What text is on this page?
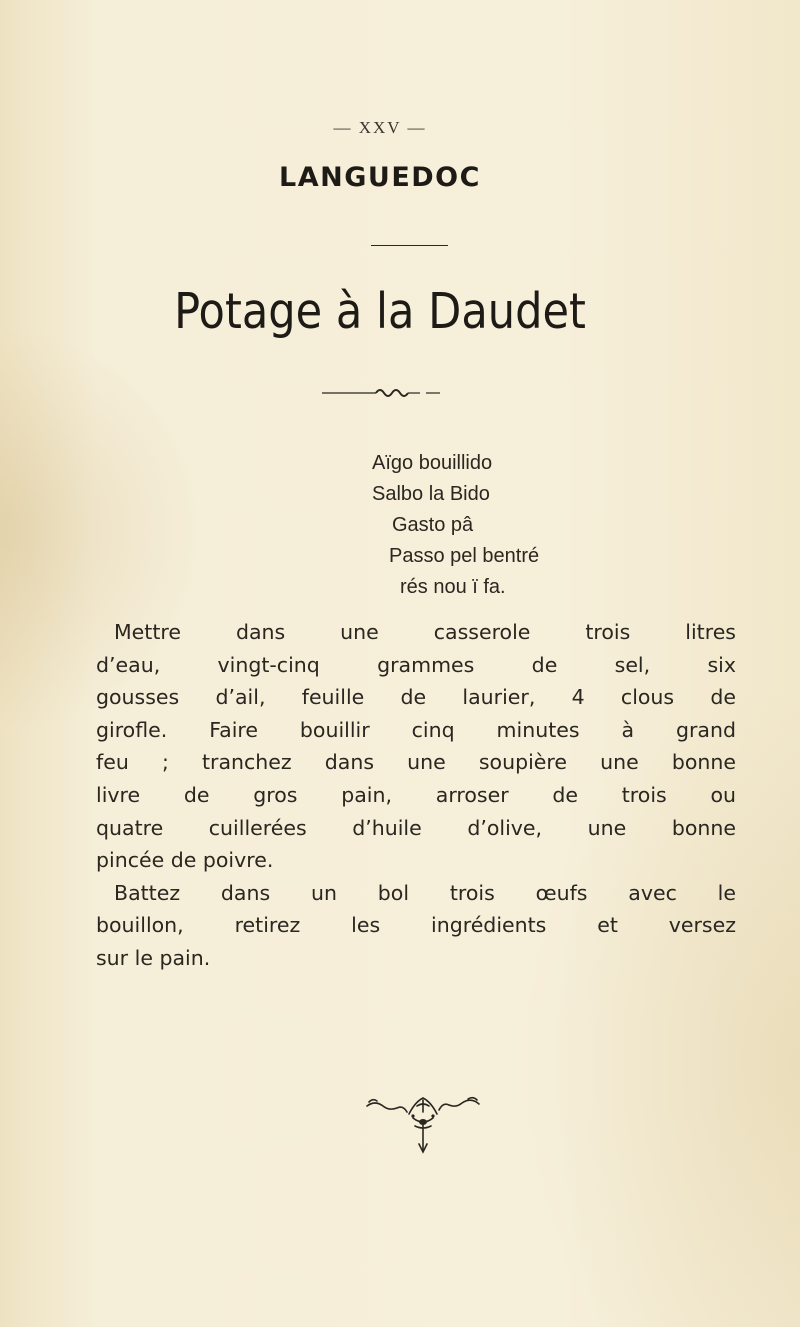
— XXV —
LANGUEDOC
Potage à la Daudet
Aïgo bouillido
Salbo la Bido
Gasto pâ
Passo pel bentré
rés nou ï fa.
Mettre dans une casserole trois litres
d’eau, vingt-cinq grammes de sel, six
gousses d’ail, feuille de laurier, 4 clous de
girofle. Faire bouillir cinq minutes à grand
feu ; tranchez dans une soupière une bonne
livre de gros pain, arroser de trois ou
quatre cuillerées d’huile d’olive, une bonne
pincée de poivre.
Battez dans un bol trois œufs avec le
bouillon, retirez les ingrédients et versez
sur le pain.
